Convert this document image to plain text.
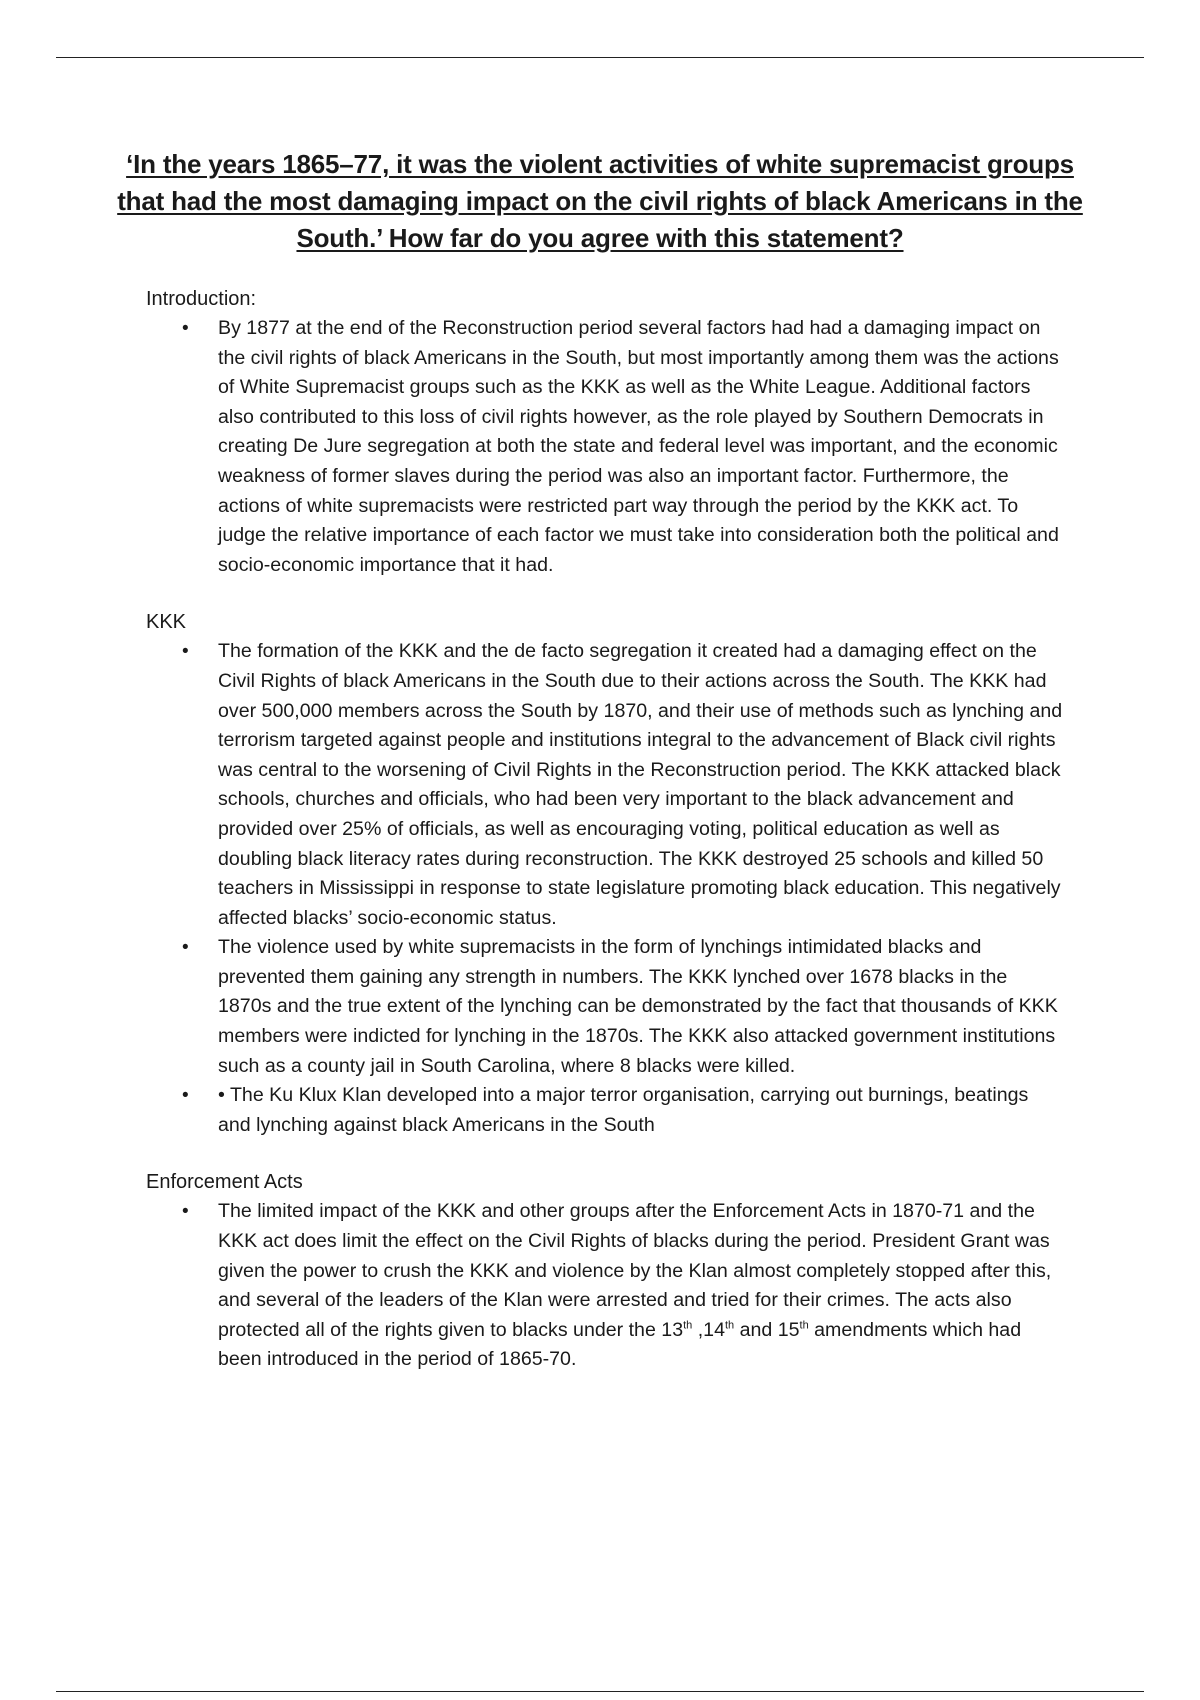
‘In the years 1865–77, it was the violent activities of white supremacist groups that had the most damaging impact on the civil rights of black Americans in the South.’ How far do you agree with this statement?

Introduction:

• By 1877 at the end of the Reconstruction period several factors had had a damaging impact on the civil rights of black Americans in the South, but most importantly among them was the actions of White Supremacist groups such as the KKK as well as the White League. Additional factors also contributed to this loss of civil rights however, as the role played by Southern Democrats in creating De Jure segregation at both the state and federal level was important, and the economic weakness of former slaves during the period was also an important factor. Furthermore, the actions of white supremacists were restricted part way through the period by the KKK act. To judge the relative importance of each factor we must take into consideration both the political and socio-economic importance that it had.

KKK

• The formation of the KKK and the de facto segregation it created had a damaging effect on the Civil Rights of black Americans in the South due to their actions across the South. The KKK had over 500,000 members across the South by 1870, and their use of methods such as lynching and terrorism targeted against people and institutions integral to the advancement of Black civil rights was central to the worsening of Civil Rights in the Reconstruction period. The KKK attacked black schools, churches and officials, who had been very important to the black advancement and provided over 25% of officials, as well as encouraging voting, political education as well as doubling black literacy rates during reconstruction. The KKK destroyed 25 schools and killed 50 teachers in Mississippi in response to state legislature promoting black education. This negatively affected blacks’ socio-economic status.
• The violence used by white supremacists in the form of lynchings intimidated blacks and prevented them gaining any strength in numbers. The KKK lynched over 1678 blacks in the 1870s and the true extent of the lynching can be demonstrated by the fact that thousands of KKK members were indicted for lynching in the 1870s. The KKK also attacked government institutions such as a county jail in South Carolina, where 8 blacks were killed.
• • The Ku Klux Klan developed into a major terror organisation, carrying out burnings, beatings and lynching against black Americans in the South

Enforcement Acts

• The limited impact of the KKK and other groups after the Enforcement Acts in 1870-71 and the KKK act does limit the effect on the Civil Rights of blacks during the period. President Grant was given the power to crush the KKK and violence by the Klan almost completely stopped after this, and several of the leaders of the Klan were arrested and tried for their crimes. The acts also protected all of the rights given to blacks under the 13th ,14th and 15th amendments which had been introduced in the period of 1865-70.
